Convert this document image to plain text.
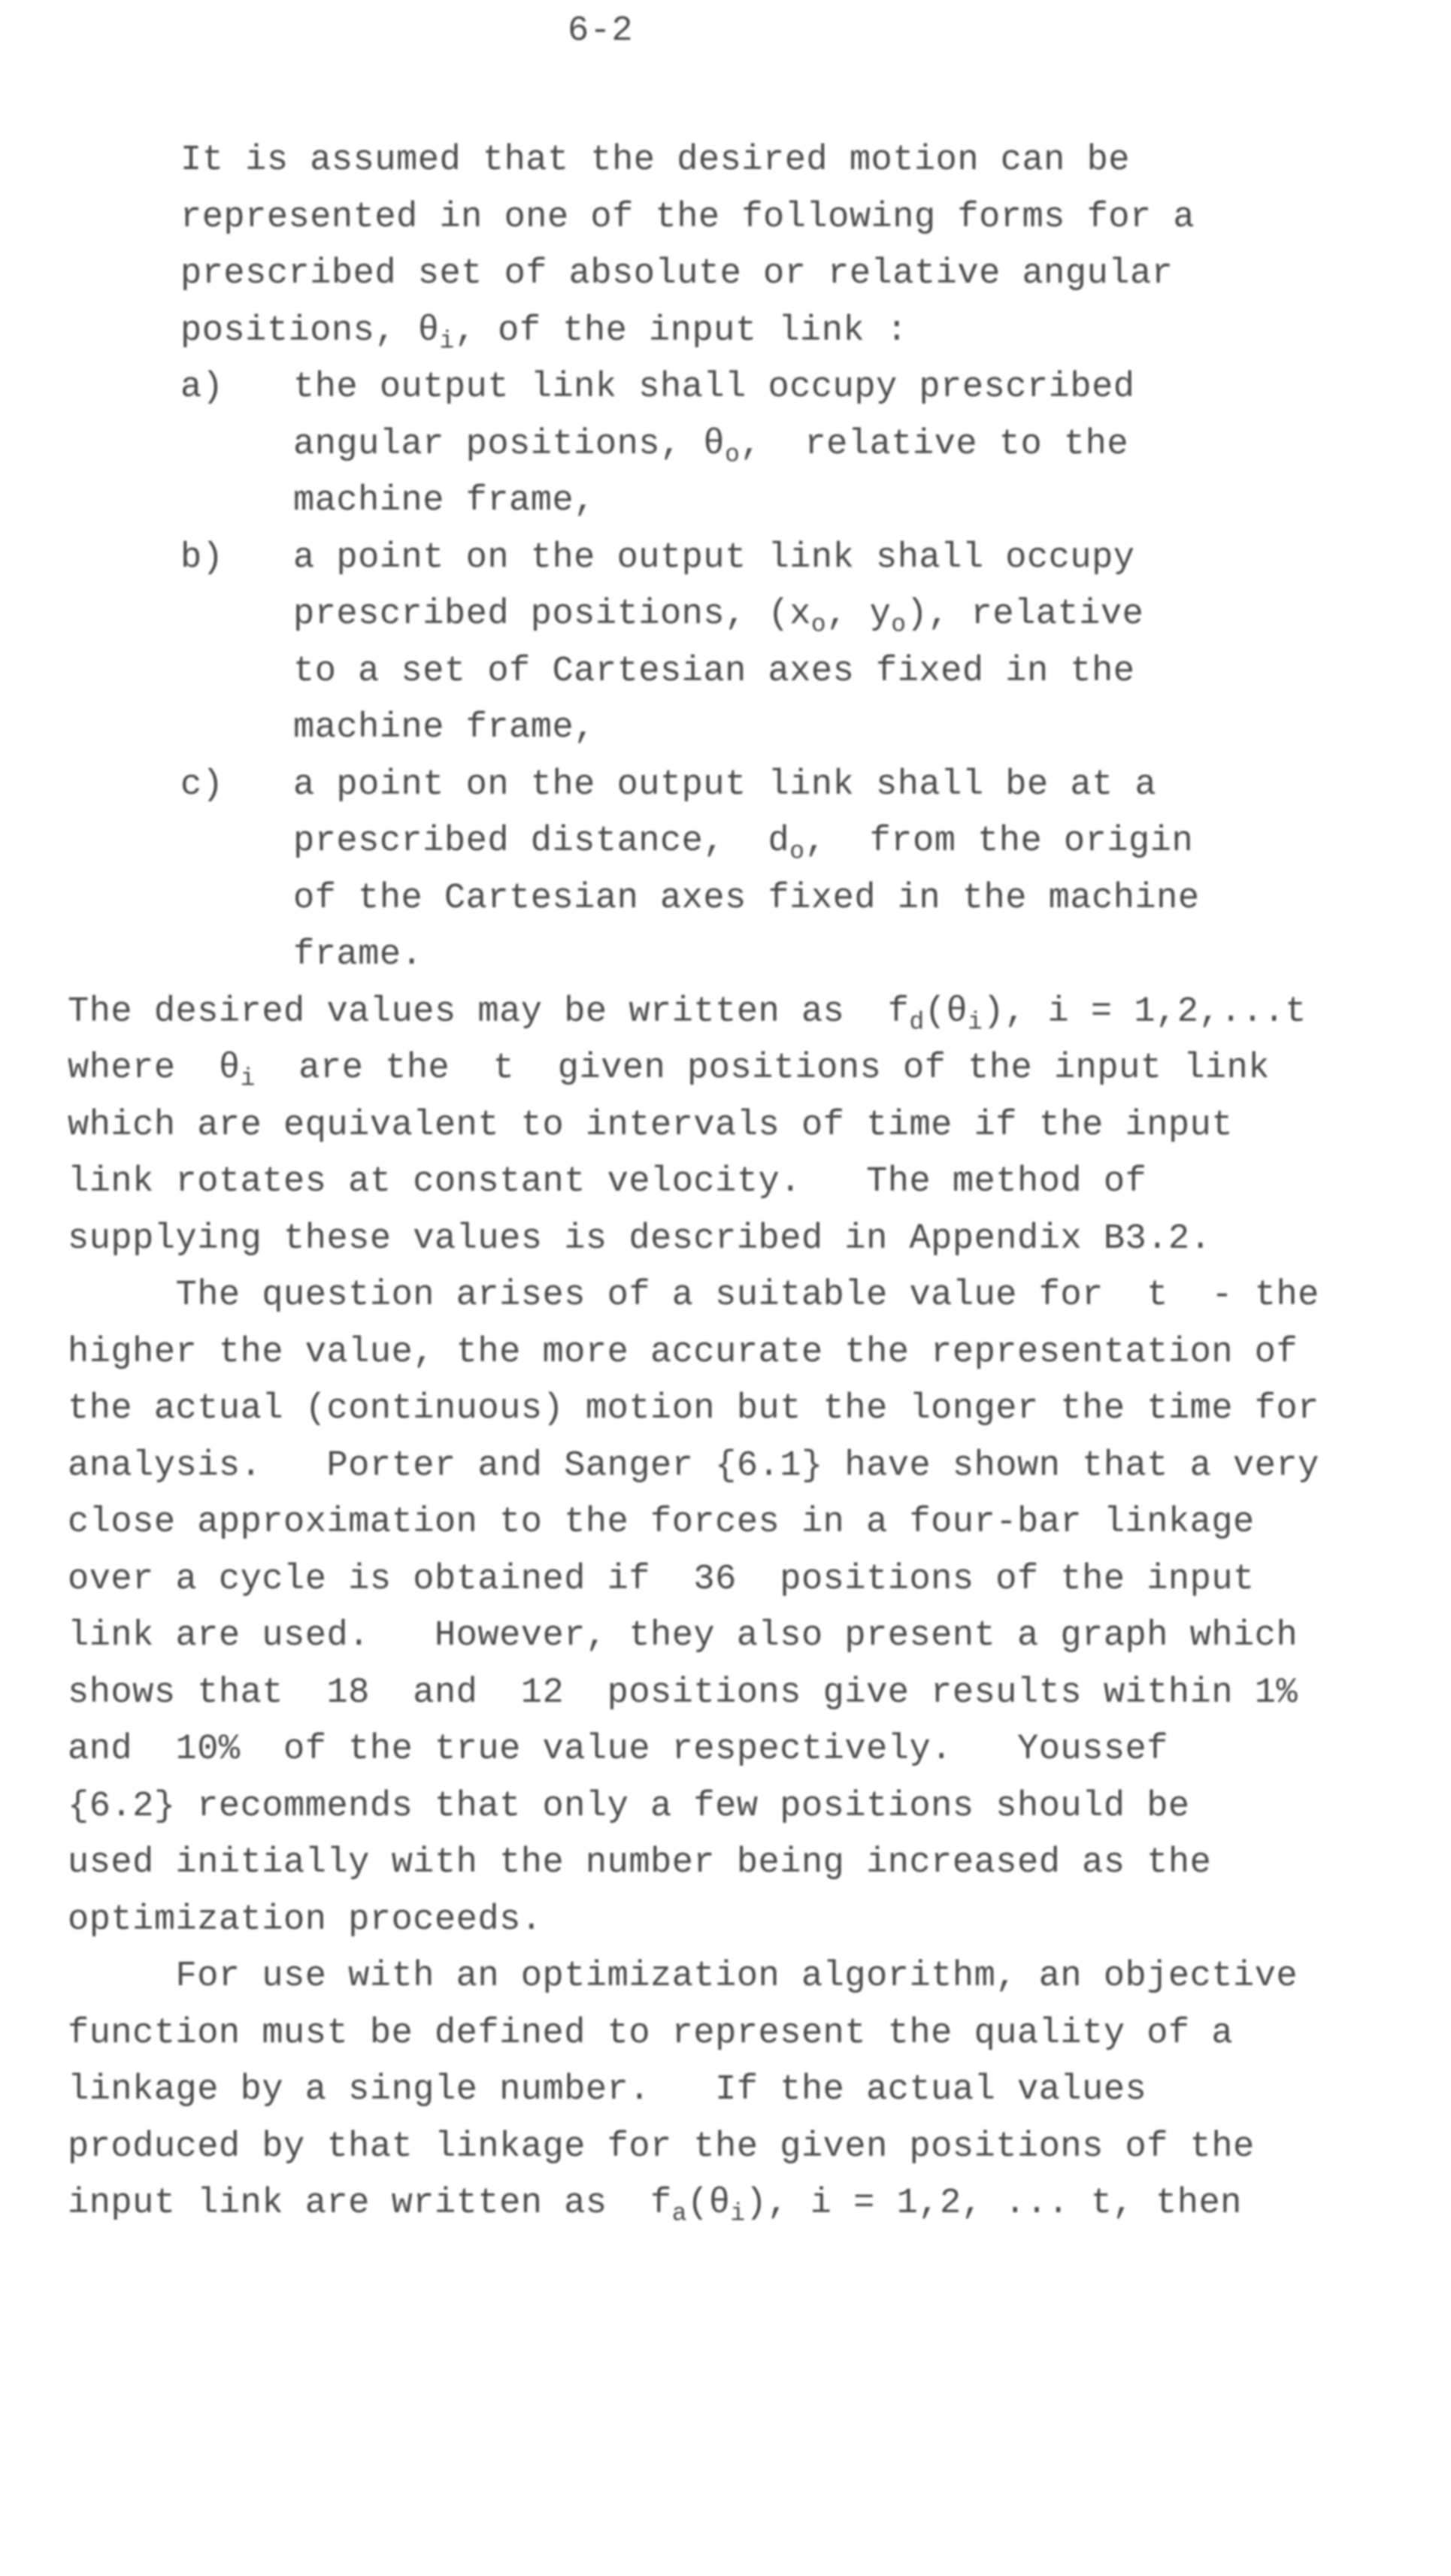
6-2
It is assumed that the desired motion can be
represented in one of the following forms for a
prescribed set of absolute or relative angular
positions, $\theta_i$, of the input link :
a) the output link shall occupy prescribed
angular positions, $\theta_o$,  relative to the
machine frame,
b) a point on the output link shall occupy
prescribed positions, ($x_o$, $y_o$), relative
to a set of Cartesian axes fixed in the
machine frame,
c) a point on the output link shall be at a
prescribed distance,  $d_o$,  from the origin
of the Cartesian axes fixed in the machine
frame.
The desired values may be written as  $f_d(\theta_i)$, i = 1,2,...t
where  $\theta_i$  are the  t  given positions of the input link
which are equivalent to intervals of time if the input
link rotates at constant velocity.   The method of
supplying these values is described in Appendix B3.2.
The question arises of a suitable value for  t  - the
higher the value, the more accurate the representation of
the actual (continuous) motion but the longer the time for
analysis.   Porter and Sanger {6.1} have shown that a very
close approximation to the forces in a four-bar linkage
over a cycle is obtained if  36  positions of the input
link are used.   However, they also present a graph which
shows that  18  and  12  positions give results within 1%
and  10%  of the true value respectively.   Youssef
{6.2} recommends that only a few positions should be
used initially with the number being increased as the
optimization proceeds.
For use with an optimization algorithm, an objective
function must be defined to represent the quality of a
linkage by a single number.   If the actual values
produced by that linkage for the given positions of the
input link are written as  $f_a(\theta_i)$, i = 1,2, ... t, then
